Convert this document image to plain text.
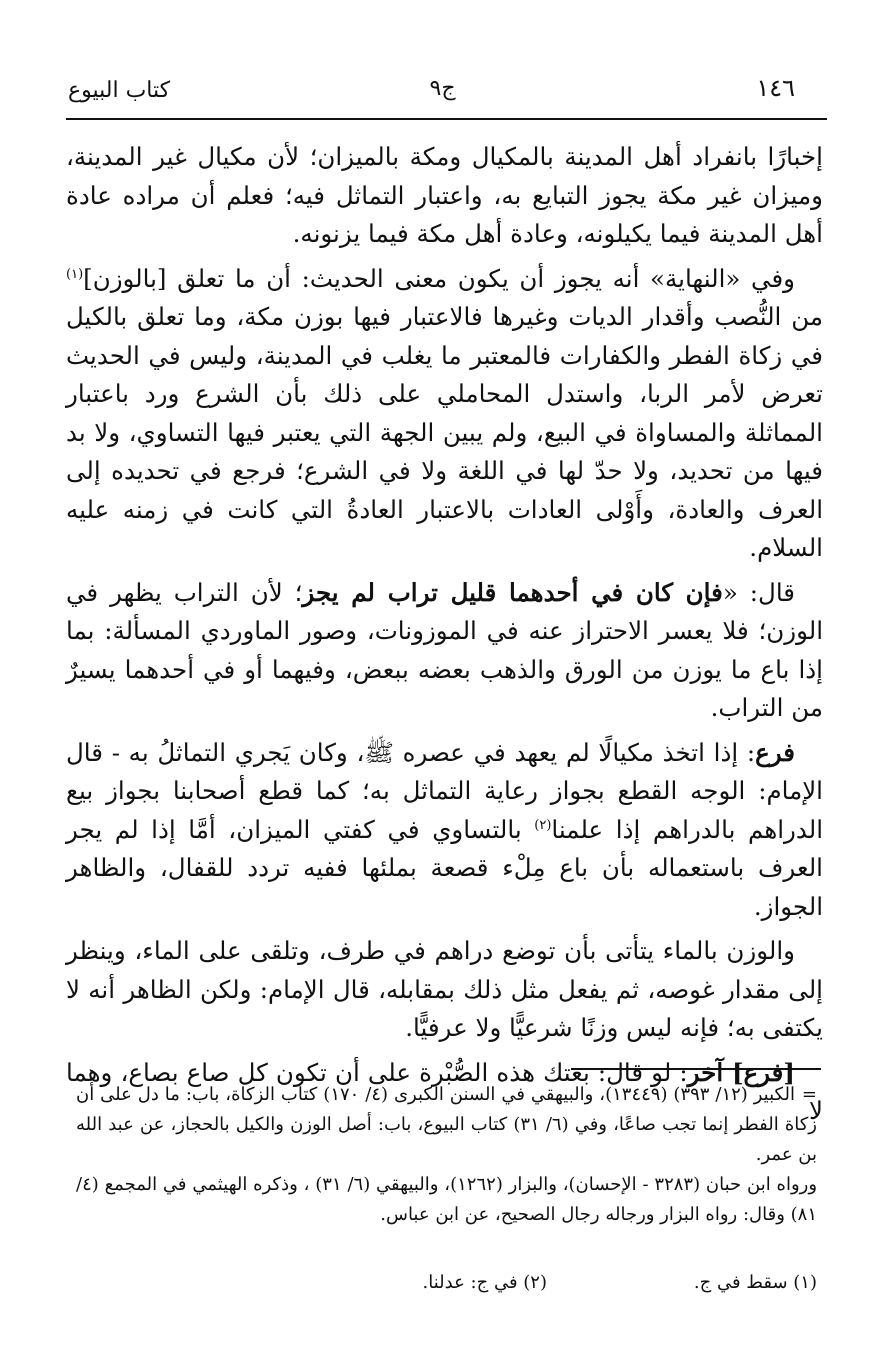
١٤٦
ج٩
كتاب البيوع

إخبارًا بانفراد أهل المدينة بالمكيال ومكة بالميزان؛ لأن مكيال غير المدينة، وميزان غير مكة يجوز التبايع به، واعتبار التماثل فيه؛ فعلم أن مراده عادة أهل المدينة فيما يكيلونه، وعادة أهل مكة فيما يزنونه.

وفي «النهاية» أنه يجوز أن يكون معنى الحديث: أن ما تعلق [بالوزن]$^{(١)}$ من النُّصب وأقدار الديات وغيرها فالاعتبار فيها بوزن مكة، وما تعلق بالكيل في زكاة الفطر والكفارات فالمعتبر ما يغلب في المدينة، وليس في الحديث تعرض لأمر الربا، واستدل المحاملي على ذلك بأن الشرع ورد باعتبار المماثلة والمساواة في البيع، ولم يبين الجهة التي يعتبر فيها التساوي، ولا بد فيها من تحديد، ولا حدّ لها في اللغة ولا في الشرع؛ فرجع في تحديده إلى العرف والعادة، وأَوْلى العادات بالاعتبار العادةُ التي كانت في زمنه عليه السلام.

قال: «فإن كان في أحدهما قليل تراب لم يجز؛ لأن التراب يظهر في الوزن؛ فلا يعسر الاحتراز عنه في الموزونات، وصور الماوردي المسألة: بما إذا باع ما يوزن من الورق والذهب بعضه ببعض، وفيهما أو في أحدهما يسيرٌ من التراب.

فرع: إذا اتخذ مكيالًا لم يعهد في عصره ﷺ، وكان يَجري التماثلُ به - قال الإمام: الوجه القطع بجواز رعاية التماثل به؛ كما قطع أصحابنا بجواز بيع الدراهم بالدراهم إذا علمنا$^{(٢)}$ بالتساوي في كفتي الميزان، أمَّا إذا لم يجر العرف باستعماله بأن باع مِلْء قصعة بملئها ففيه تردد للقفال، والظاهر الجواز.

والوزن بالماء يتأتى بأن توضع دراهم في طرف، وتلقى على الماء، وينظر إلى مقدار غوصه، ثم يفعل مثل ذلك بمقابله، قال الإمام: ولكن الظاهر أنه لا يكتفى به؛ فإنه ليس وزنًا شرعيًّا ولا عرفيًّا.

[فرع] آخر: لو قال: بعتك هذه الصُّبْرة على أن تكون كل صاع بصاع، وهما لا

=الكبير (١٢/ ٣٩٣) (١٣٤٤٩)، والبيهقي في السنن الكبرى (٤/ ١٧٠) كتاب الزكاة، باب: ما دل على أن زكاة الفطر إنما تجب صاعًا، وفي (٦/ ٣١) كتاب البيوع، باب: أصل الوزن والكيل بالحجاز، عن عبد الله بن عمر.

ورواه ابن حبان (٣٢٨٣ - الإحسان)، والبزار (١٢٦٢)، والبيهقي (٦/ ٣١) ، وذكره الهيثمي في المجمع (٤/ ٨١) وقال: رواه البزار ورجاله رجال الصحيح، عن ابن عباس.

(١) سقط في ج.
(٢) في ج: عدلنا.
